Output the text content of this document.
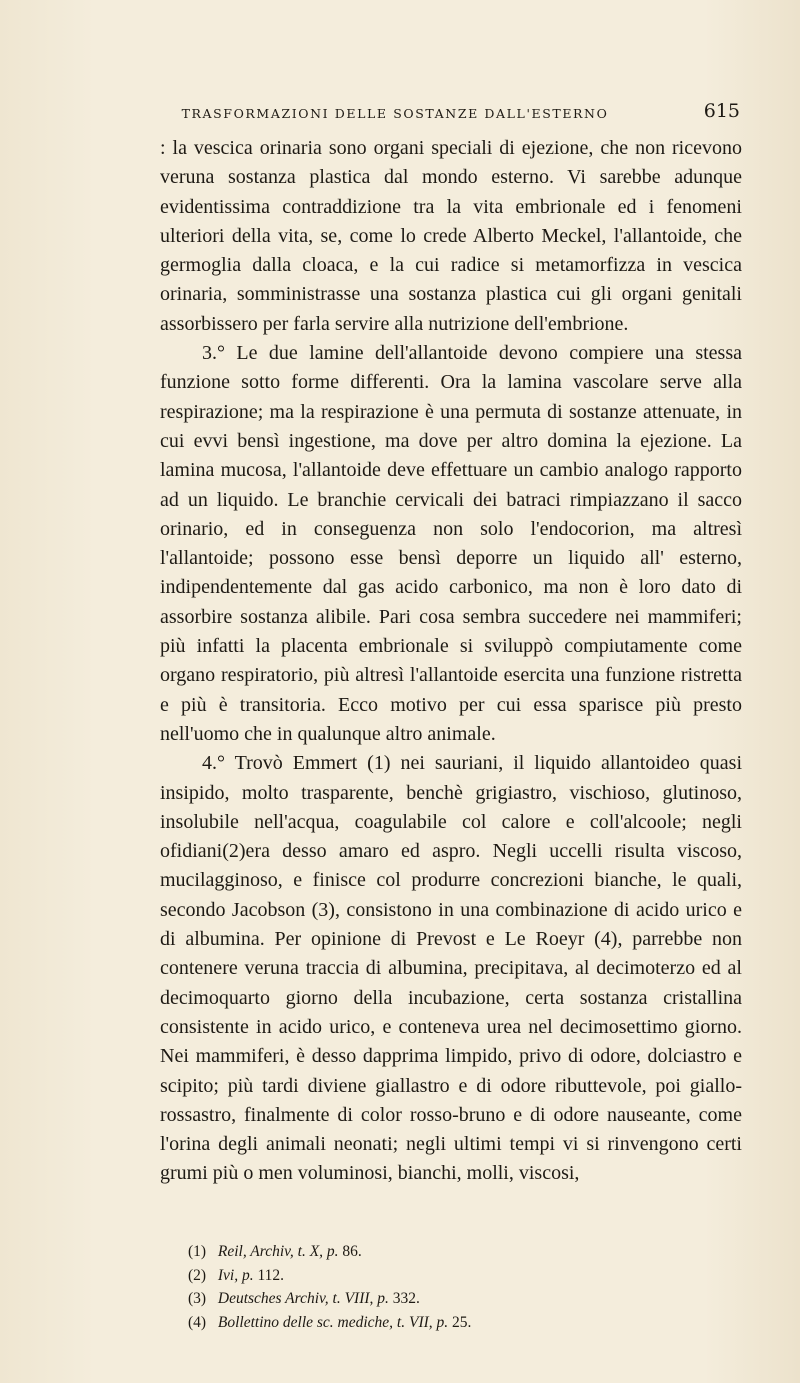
TRASFORMAZIONI DELLE SOSTANZE DALL'ESTERNO	615

: la vescica orinaria sono organi speciali di ejezione, che non ricevono veruna sostanza plastica dal mondo esterno. Vi sarebbe adunque evidentissima contraddizione tra la vita embrionale ed i fenomeni ulteriori della vita, se, come lo crede Alberto Meckel, l'allantoide, che germoglia dalla cloaca, e la cui radice si metamorfizza in vescica orinaria, somministrasse una sostanza plastica cui gli organi genitali assorbissero per farla servire alla nutrizione dell'embrione.

3.° Le due lamine dell'allantoide devono compiere una stessa funzione sotto forme differenti. Ora la lamina vascolare serve alla respirazione; ma la respirazione è una permuta di sostanze attenuate, in cui evvi bensì ingestione, ma dove per altro domina la ejezione. La lamina mucosa, l'allantoide deve effettuare un cambio analogo rapporto ad un liquido. Le branchie cervicali dei batraci rimpiazzano il sacco orinario, ed in conseguenza non solo l'endocorion, ma altresì l'allantoide; possono esse bensì deporre un liquido all' esterno, indipendentemente dal gas acido carbonico, ma non è loro dato di assorbire sostanza alibile. Pari cosa sembra succedere nei mammiferi; più infatti la placenta embrionale si sviluppò compiutamente come organo respiratorio, più altresì l'allantoide esercita una funzione ristretta e più è transitoria. Ecco motivo per cui essa sparisce più presto nell'uomo che in qualunque altro animale.

4.° Trovò Emmert (1) nei sauriani, il liquido allantoideo quasi insipido, molto trasparente, benchè grigiastro, vischioso, glutinoso, insolubile nell'acqua, coagulabile col calore e coll'alcoole; negli ofidiani(2)era desso amaro ed aspro. Negli uccelli risulta viscoso, mucilagginoso, e finisce col produrre concrezioni bianche, le quali, secondo Jacobson (3), consistono in una combinazione di acido urico e di albumina. Per opinione di Prevost e Le Roeyr (4), parrebbe non contenere veruna traccia di albumina, precipitava, al decimoterzo ed al decimoquarto giorno della incubazione, certa sostanza cristallina consistente in acido urico, e conteneva urea nel decimosettimo giorno. Nei mammiferi, è desso dapprima limpido, privo di odore, dolciastro e scipito; più tardi diviene giallastro e di odore ributtevole, poi giallo-rossastro, finalmente di color rosso-bruno e di odore nauseante, come l'orina degli animali neonati; negli ultimi tempi vi si rinvengono certi grumi più o men voluminosi, bianchi, molli, viscosi,

(1) Reil, Archiv, t. X, p. 86.
(2) Ivi, p. 112.
(3) Deutsches Archiv, t. VIII, p. 332.
(4) Bollettino delle sc. mediche, t. VII, p. 25.
